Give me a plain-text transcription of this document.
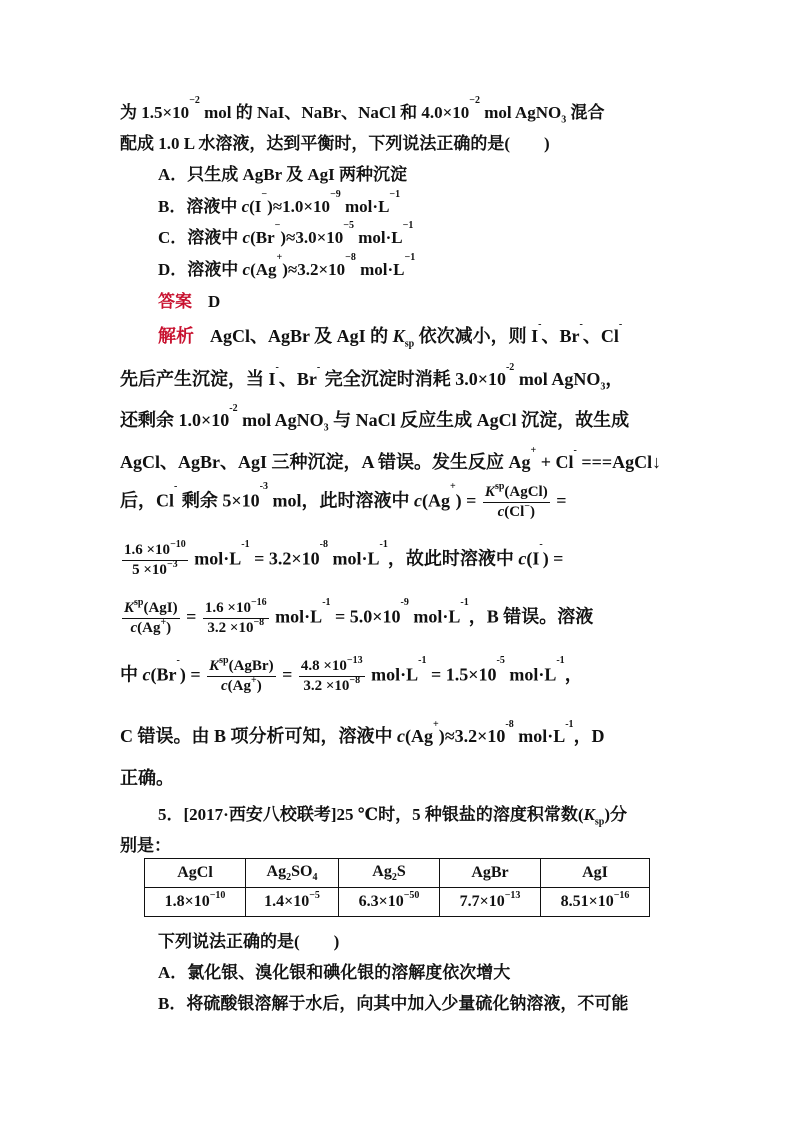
为 $1.5\times 10^{-2}$ mol 的 NaI、NaBr、NaCl 和 $4.0\times 10^{-2}$ mol AgNO$_3$ 混合
配成 1.0 L 水溶液，达到平衡时，下列说法正确的是(　　)
A．只生成 AgBr 及 AgI 两种沉淀
B．溶液中 $c(I^-)\approx 1.0\times 10^{-9}$ $mol\cdot L^{-1}$
C．溶液中 $c(Br^-)\approx 3.0\times 10^{-5}$ $mol\cdot L^{-1}$
D．溶液中 $c(Ag^+)\approx 3.2\times 10^{-8}$ $mol\cdot L^{-1}$
答案 D
解析 AgCl、AgBr 及 AgI 的 $K_{sp}$ 依次减小，则 I-、Br-、Cl-
先后产生沉淀，当 I-、Br- 完全沉淀时消耗 $3.0\times 10^{-2}$ mol AgNO$_3$，
还剩余 $1.0\times 10^{-2}$ mol AgNO$_3$ 与 NaCl 反应生成 AgCl 沉淀，故生成
AgCl、AgBr、AgI 三种沉淀，A 错误。发生反应 Ag+ + Cl- ===AgCl↓
后，Cl- 剩余 $5\times 10^{-3}$ mol，此时溶液中 $c(Ag^+) = \frac{K^{sp}(AgCl)}{c(Cl^-)}$ =
$\frac{1.6 \times 10^{-10}}{5 \times 10^{-3}} mol\cdot L^{-1} = 3.2\times 10^{-8}$ $mol\cdot L^{-1}$，故此时溶液中 c(I-) =
$\frac{K^{sp}(AgI)}{c(Ag^+)} = \frac{1.6 \times 10^{-16}}{3.2 \times 10^{-8}} mol\cdot L^{-1} = 5.0\times 10^{-9}$ $mol\cdot L^{-1}$，B 错误。溶液
中 $c(Br^-) = \frac{K^{sp}(AgBr)}{c(Ag^+)} = \frac{4.8 \times 10^{-13}}{3.2 \times 10^{-8}} mol\cdot L^{-1} = 1.5\times 10^{-5}$ $mol\cdot L^{-1}$，
C 错误。由 B 项分析可知，溶液中 $c(Ag^+)\approx 3.2\times 10^{-8}$ $mol\cdot L^{-1}$，D
正确。
5．[2017·西安八校联考]25 ℃时，5 种银盐的溶度积常数$(K_{sp})$分
别是：
AgCl	$Ag_2SO_4$	$Ag_2S$	AgBr	AgI
$1.8\times 10^{-10}$	$1.4\times 10^{-5}$	$6.3\times 10^{-50}$	$7.7\times 10^{-13}$	$8.51\times 10^{-16}$
下列说法正确的是(　　)
A．氯化银、溴化银和碘化银的溶解度依次增大
B．将硫酸银溶解于水后，向其中加入少量硫化钠溶液，不可能
